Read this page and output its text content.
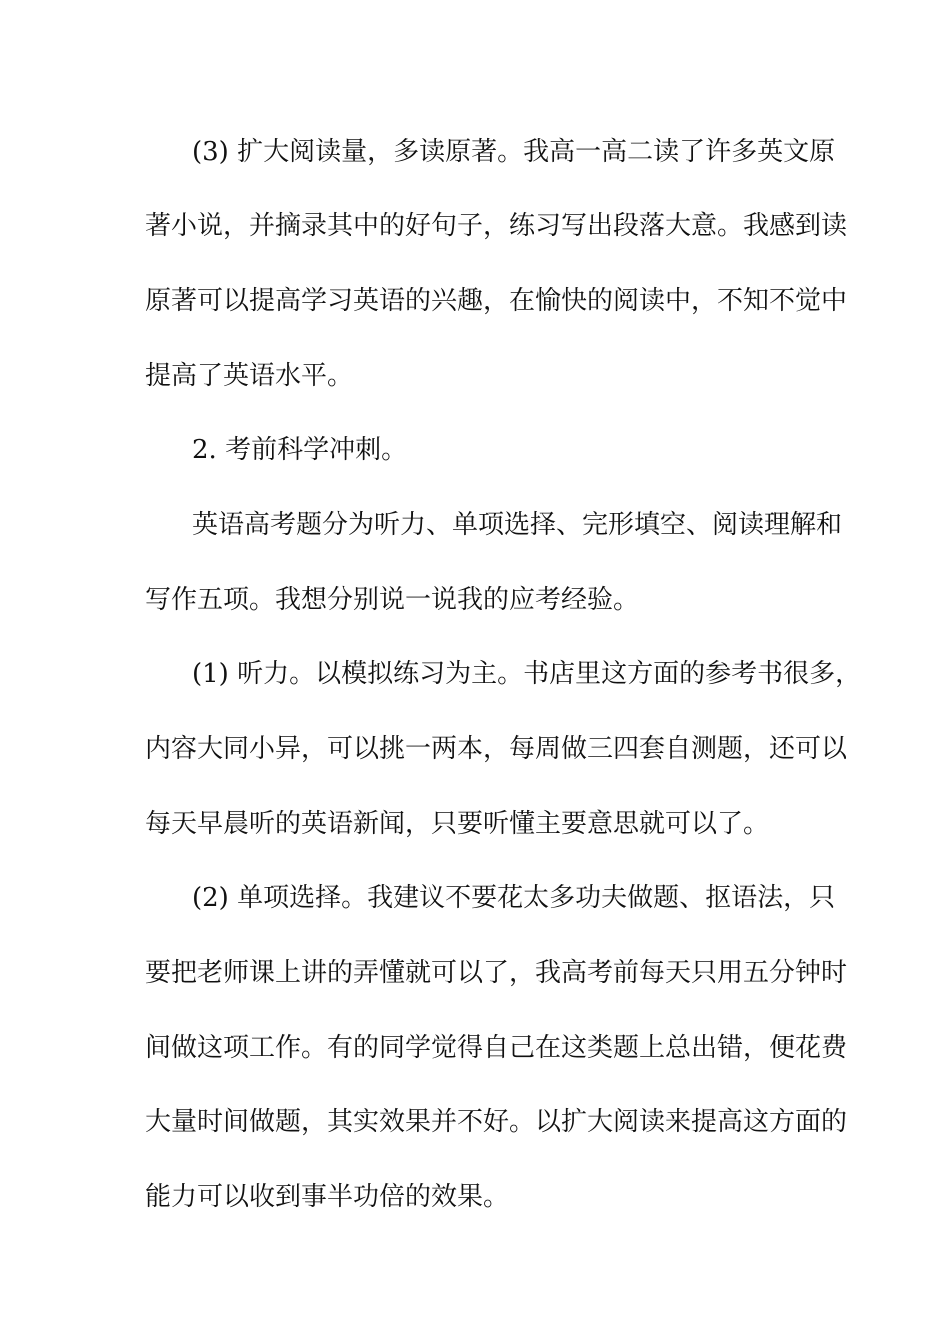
(3) 扩大阅读量，多读原著。我高一高二读了许多英文原
著小说，并摘录其中的好句子，练习写出段落大意。我感到读
原著可以提高学习英语的兴趣，在愉快的阅读中，不知不觉中
提高了英语水平。
2. 考前科学冲刺。
英语高考题分为听力、单项选择、完形填空、阅读理解和
写作五项。我想分别说一说我的应考经验。
(1) 听力。以模拟练习为主。书店里这方面的参考书很多，
内容大同小异，可以挑一两本，每周做三四套自测题，还可以
每天早晨听的英语新闻，只要听懂主要意思就可以了。
(2) 单项选择。我建议不要花太多功夫做题、抠语法，只
要把老师课上讲的弄懂就可以了，我高考前每天只用五分钟时
间做这项工作。有的同学觉得自己在这类题上总出错，便花费
大量时间做题，其实效果并不好。以扩大阅读来提高这方面的
能力可以收到事半功倍的效果。
